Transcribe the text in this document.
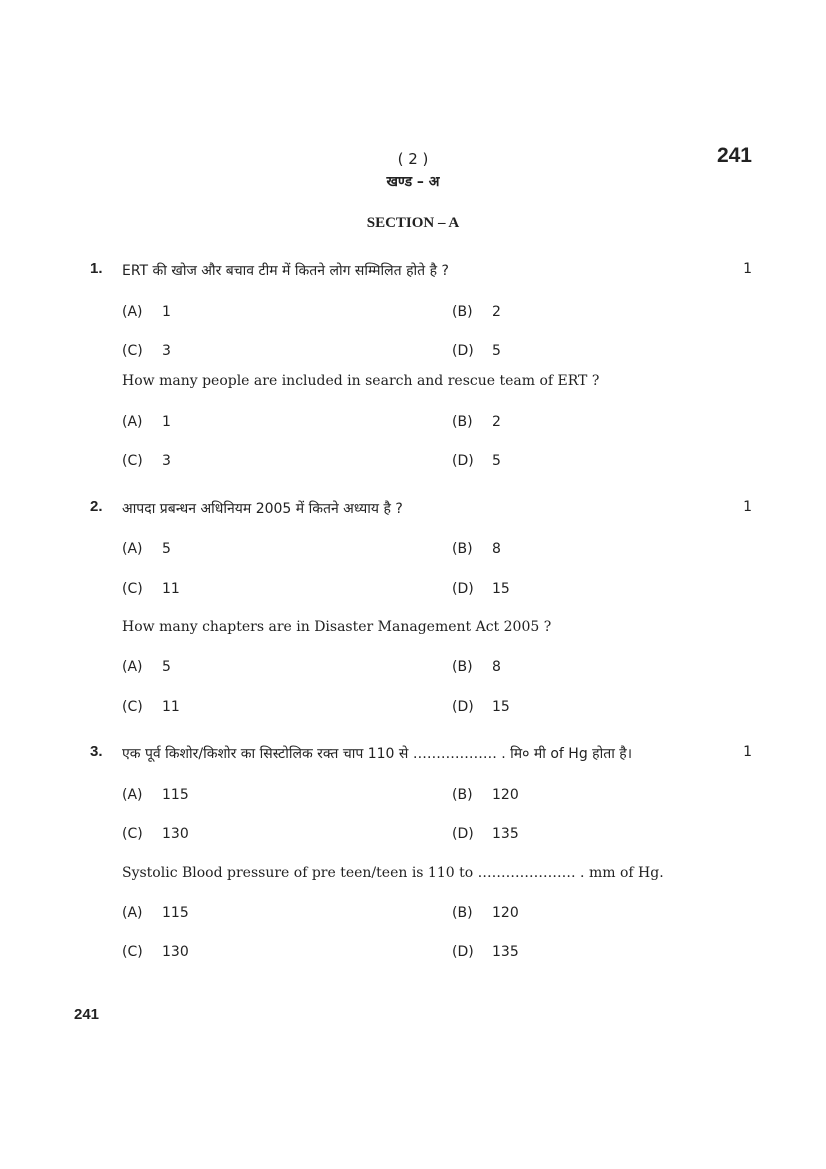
( 2 )	241
खण्ड – अ
SECTION – A
1. ERT की खोज और बचाव टीम में कितने लोग सम्मिलित होते है ?	1
(A) 1	(B) 2
(C) 3	(D) 5
How many people are included in search and rescue team of ERT ?
(A) 1	(B) 2
(C) 3	(D) 5
2. आपदा प्रबन्धन अधिनियम 2005 में कितने अध्याय है ?	1
(A) 5	(B) 8
(C) 11	(D) 15
How many chapters are in Disaster Management Act 2005 ?
(A) 5	(B) 8
(C) 11	(D) 15
3. एक पूर्व किशोर/किशोर का सिस्टोलिक रक्त चाप 110 से ……………… . मि० मी of Hg होता है।	1
(A) 115	(B) 120
(C) 130	(D) 135
Systolic Blood pressure of pre teen/teen is 110 to ………………… . mm of Hg.
(A) 115	(B) 120
(C) 130	(D) 135
241
